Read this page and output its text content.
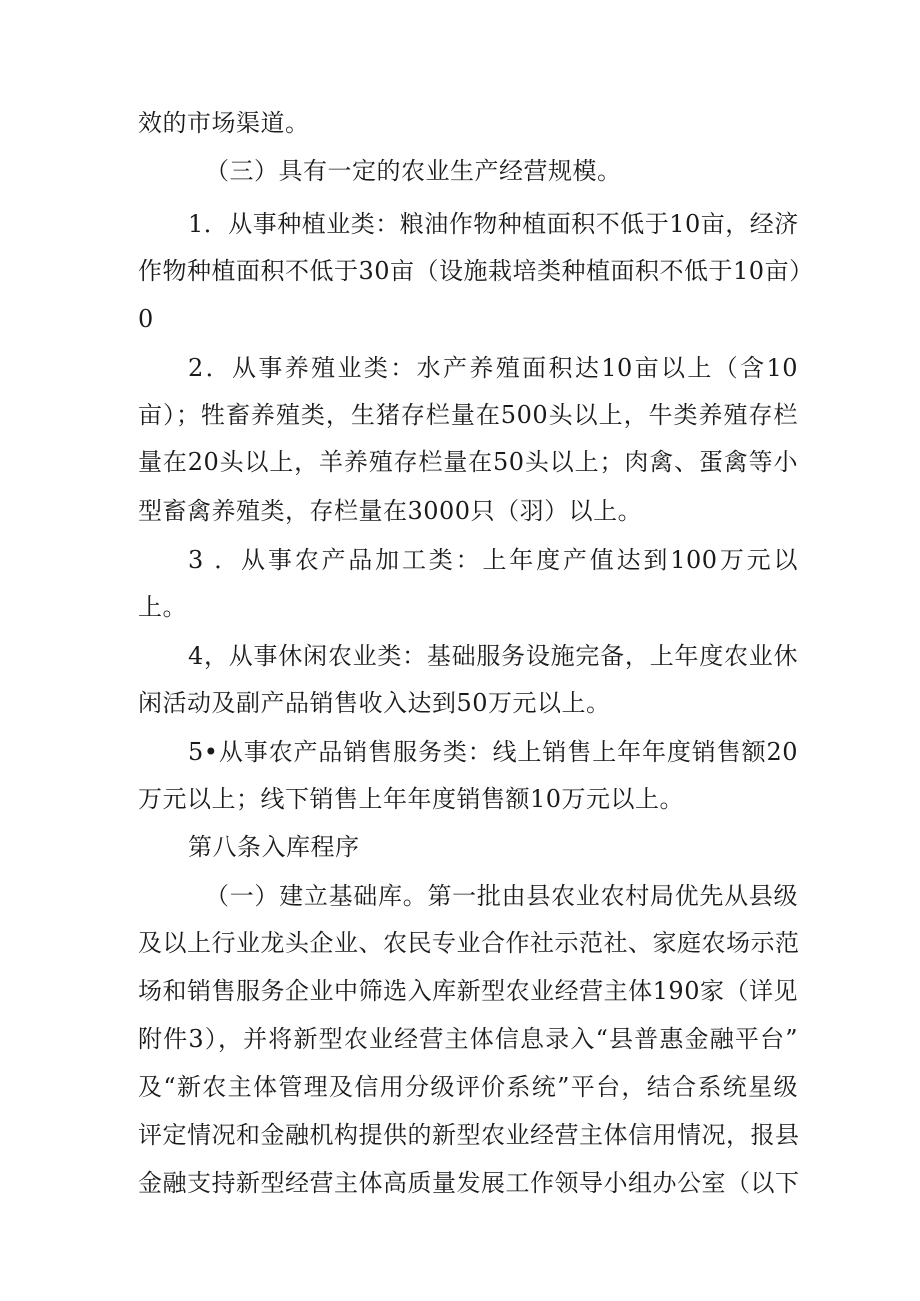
效的市场渠道。
（三）具有一定的农业生产经营规模。
1．从事种植业类：粮油作物种植面积不低于10亩，经济
作物种植面积不低于30亩（设施栽培类种植面积不低于10亩）
0
2．从事养殖业类：水产养殖面积达10亩以上（含10
亩）；牲畜养殖类，生猪存栏量在500头以上，牛类养殖存栏
量在20头以上，羊养殖存栏量在50头以上；肉禽、蛋禽等小
型畜禽养殖类，存栏量在3000只（羽）以上。
3 ．从事农产品加工类：上年度产值达到100万元以
上。
4，从事休闲农业类：基础服务设施完备，上年度农业休
闲活动及副产品销售收入达到50万元以上。
5•从事农产品销售服务类：线上销售上年年度销售额20
万元以上；线下销售上年年度销售额10万元以上。
第八条入库程序
（一）建立基础库。第一批由县农业农村局优先从县级
及以上行业龙头企业、农民专业合作社示范社、家庭农场示范
场和销售服务企业中筛选入库新型农业经营主体190家（详见
附件3），并将新型农业经营主体信息录入“县普惠金融平台”
及“新农主体管理及信用分级评价系统”平台，结合系统星级
评定情况和金融机构提供的新型农业经营主体信用情况，报县
金融支持新型经营主体高质量发展工作领导小组办公室（以下
